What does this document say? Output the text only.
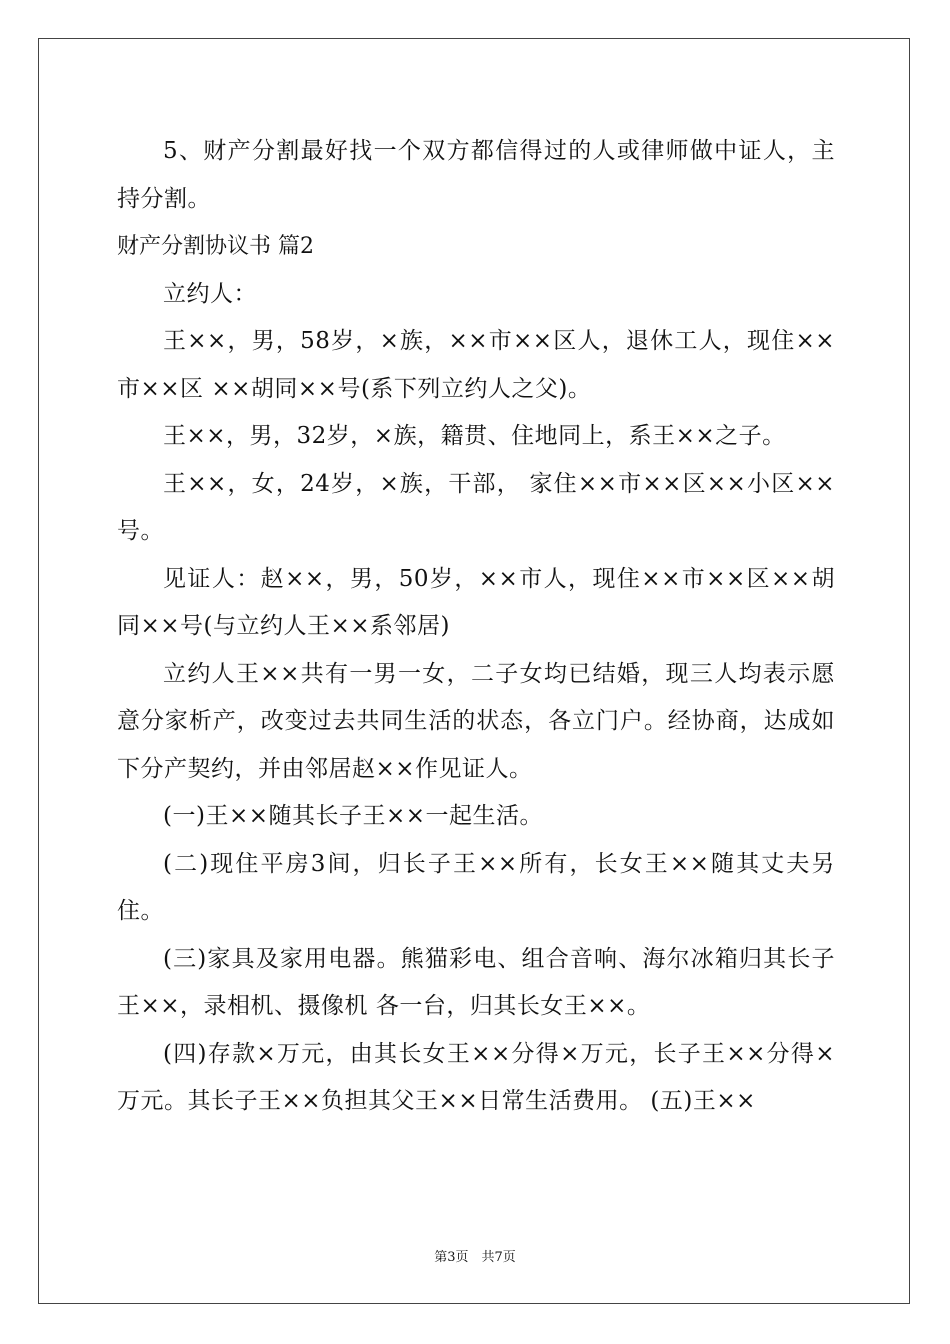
5、财产分割最好找一个双方都信得过的人或律师做中证人，主持分割。

财产分割协议书 篇2

立约人：

王××，男，58岁，×族，××市××区人，退休工人，现住××市××区 ××胡同××号(系下列立约人之父)。

王××，男，32岁，×族，籍贯、住地同上，系王××之子。

王××，女，24岁，×族，干部， 家住××市××区××小区××号。

见证人：赵××，男，50岁，××市人，现住××市××区××胡同××号(与立约人王××系邻居)

立约人王××共有一男一女，二子女均已结婚，现三人均表示愿意分家析产，改变过去共同生活的状态，各立门户。经协商，达成如下分产契约，并由邻居赵××作见证人。

(一)王××随其长子王××一起生活。

(二)现住平房3间，归长子王××所有，长女王××随其丈夫另住。

(三)家具及家用电器。熊猫彩电、组合音响、海尔冰箱归其长子王××，录相机、摄像机 各一台，归其长女王××。

(四)存款×万元，由其长女王××分得×万元，长子王××分得×万元。其长子王××负担其父王××日常生活费用。 (五)王××

第3页　共7页
